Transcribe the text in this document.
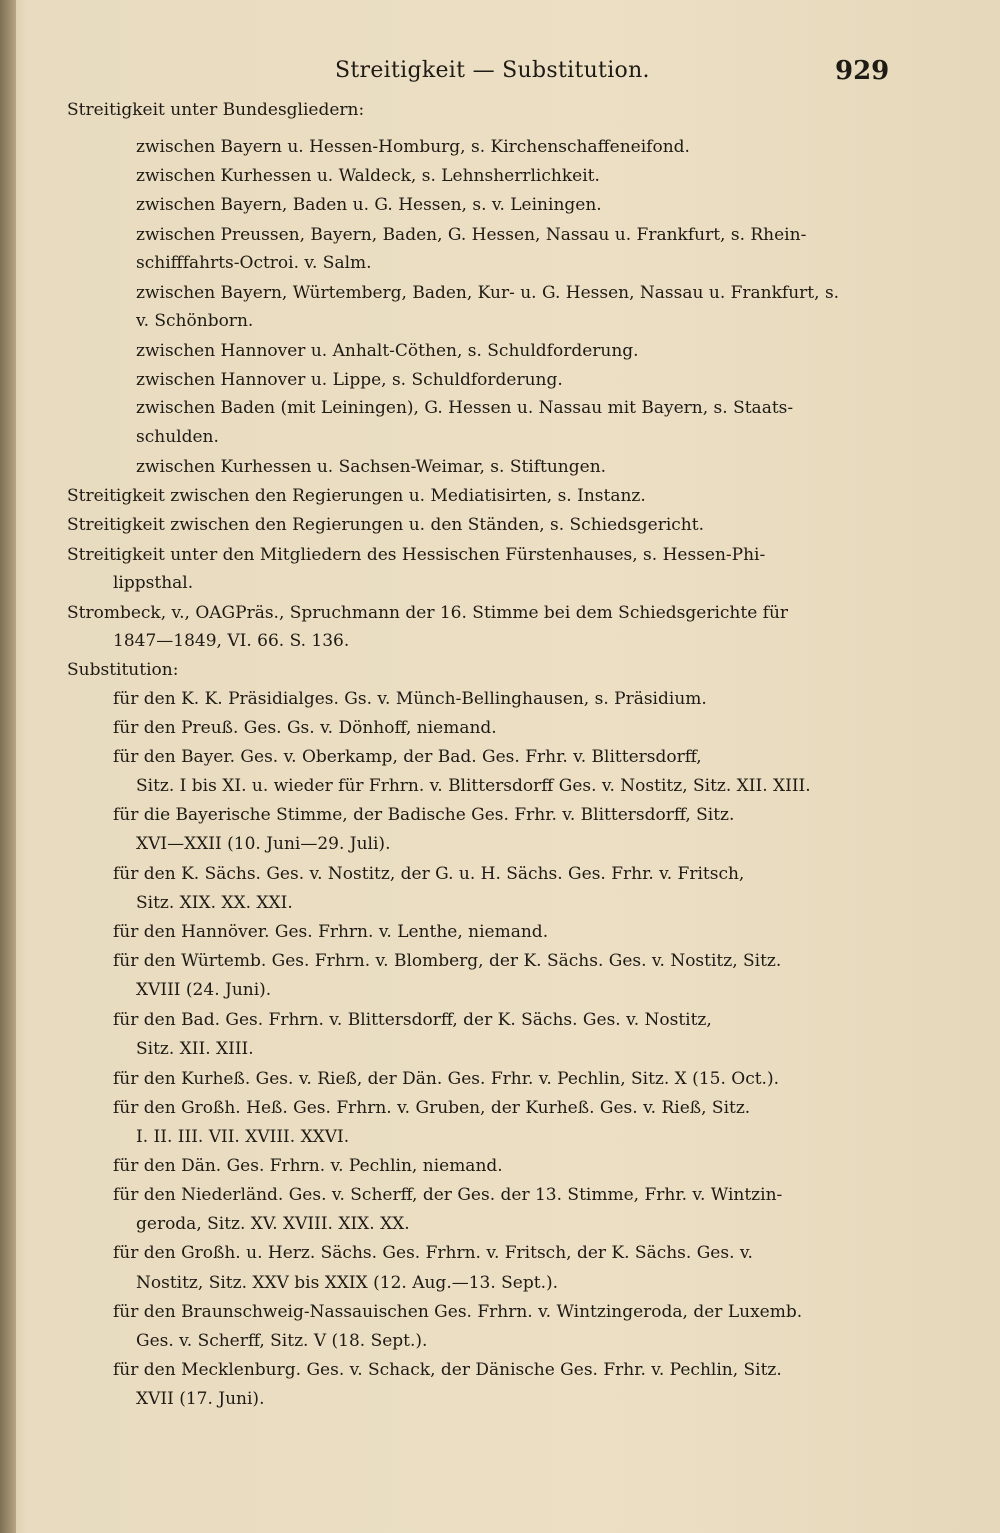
Streitigkeit — Substitution.	929
Streitigkeit unter Bundesgliedern:
zwischen Bayern u. Hessen-Homburg, s. Kirchenschaffeneifond.
zwischen Kurhessen u. Waldeck, s. Lehnsherrlichkeit.
zwischen Bayern, Baden u. G. Hessen, s. v. Leiningen.
zwischen Preussen, Bayern, Baden, G. Hessen, Nassau u. Frankfurt, s. Rhein-
schifffahrts-Octroi. v. Salm.
zwischen Bayern, Würtemberg, Baden, Kur- u. G. Hessen, Nassau u. Frankfurt, s.
v. Schönborn.
zwischen Hannover u. Anhalt-Cöthen, s. Schuldforderung.
zwischen Hannover u. Lippe, s. Schuldforderung.
zwischen Baden (mit Leiningen), G. Hessen u. Nassau mit Bayern, s. Staats-
schulden.
zwischen Kurhessen u. Sachsen-Weimar, s. Stiftungen.
Streitigkeit zwischen den Regierungen u. Mediatisirten, s. Instanz.
Streitigkeit zwischen den Regierungen u. den Ständen, s. Schiedsgericht.
Streitigkeit unter den Mitgliedern des Hessischen Fürstenhauses, s. Hessen-Phi-
lippsthal.
Strombeck, v., OAGPräs., Spruchmann der 16. Stimme bei dem Schiedsgerichte für
1847—1849, VI. 66. S. 136.
Substitution:
für den K. K. Präsidialges. Gs. v. Münch-Bellinghausen, s. Präsidium.
für den Preuß. Ges. Gs. v. Dönhoff, niemand.
für den Bayer. Ges. v. Oberkamp, der Bad. Ges. Frhr. v. Blittersdorff,
Sitz. I bis XI. u. wieder für Frhrn. v. Blittersdorff Ges. v. Nostitz, Sitz. XII. XIII.
für die Bayerische Stimme, der Badische Ges. Frhr. v. Blittersdorff, Sitz.
XVI—XXII (10. Juni—29. Juli).
für den K. Sächs. Ges. v. Nostitz, der G. u. H. Sächs. Ges. Frhr. v. Fritsch,
Sitz. XIX. XX. XXI.
für den Hannöver. Ges. Frhrn. v. Lenthe, niemand.
für den Würtemb. Ges. Frhrn. v. Blomberg, der K. Sächs. Ges. v. Nostitz, Sitz.
XVIII (24. Juni).
für den Bad. Ges. Frhrn. v. Blittersdorff, der K. Sächs. Ges. v. Nostitz,
Sitz. XII. XIII.
für den Kurheß. Ges. v. Rieß, der Dän. Ges. Frhr. v. Pechlin, Sitz. X (15. Oct.).
für den Großh. Heß. Ges. Frhrn. v. Gruben, der Kurheß. Ges. v. Rieß, Sitz.
I. II. III. VII. XVIII. XXVI.
für den Dän. Ges. Frhrn. v. Pechlin, niemand.
für den Niederländ. Ges. v. Scherff, der Ges. der 13. Stimme, Frhr. v. Wintzin-
geroda, Sitz. XV. XVIII. XIX. XX.
für den Großh. u. Herz. Sächs. Ges. Frhrn. v. Fritsch, der K. Sächs. Ges. v.
Nostitz, Sitz. XXV bis XXIX (12. Aug.—13. Sept.).
für den Braunschweig-Nassauischen Ges. Frhrn. v. Wintzingeroda, der Luxemb.
Ges. v. Scherff, Sitz. V (18. Sept.).
für den Mecklenburg. Ges. v. Schack, der Dänische Ges. Frhr. v. Pechlin, Sitz.
XVII (17. Juni).
